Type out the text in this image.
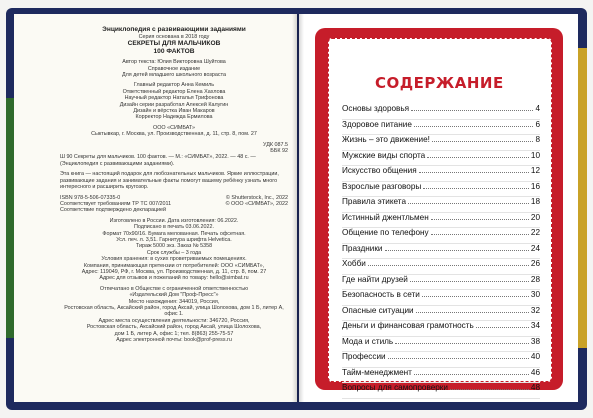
Энциклопедия с развивающими заданиями
Серия основана в 2018 году
СЕКРЕТЫ ДЛЯ МАЛЬЧИКОВ
100 ФАКТОВ
Автор текста: Юлия Викторовна Шуйтова
Справочное издание
Для детей младшего школьного возраста
Главный редактор Анна Кемиль
Ответственный редактор Елена Хахлова
Научный редактор Наталья Трифонова
Дизайн серии разработал Алексей Калугин
Дизайн и вёрстка Иван Макаров
Корректор Надежда Ермилова
ООО «СИМБАТ»
Сыктывкар, г. Москва, ул. Производственная, д. 11, стр. 8, пом. 27
УДК 087.5
ББК 92
Ш 90 Секреты для мальчиков. 100 фактов. — М.: «СИМБАТ», 2022. — 48 с. — (Энциклопедия с развивающими заданиями).
Эта книга — настоящий подарок для любознательных мальчиков. Яркие иллюстрации, развивающие задания и занимательные факты помогут вашему ребёнку узнать много интересного и расширить кругозор.
ISBN 978-5-506-07335-0	© Shutterstock, Inc., 2022
Соответствует требованиям ТР ТС 007/2011	© ООО «СИМБАТ», 2022
Соответствие подтверждено декларацией
Изготовлено в России. Дата изготовления: 06.2022.
Подписано в печать 03.06.2022.
Формат 70х90/16. Бумага мелованная. Печать офсетная.
Усл. печ. л. 3,51. Гарнитура шрифта Helvetica.
Тираж 5000 экз. Заказ № 5358
Срок службы – 3 года
Условия хранения: в сухих проветриваемых помещениях.
Компания, принимающая претензии от потребителей: ООО «СИМБАТ»,
Адрес: 119049, РФ, г. Москва, ул. Производственная, д. 11, стр. 8, пом. 27
Адрес для отзывов и пожеланий по товару: hello@simbat.ru
Отпечатано в Обществе с ограниченной ответственностью
«Издательский Дом "Проф-Пресс"»
Место нахождения: 344019, Россия,
Ростовская область, Аксайский район, город Аксай, улица Шолохова, дом 1 Б, литер А, офис 1.
Адрес места осуществления деятельности: 346720, Россия,
Ростовская область, Аксайский район, город Аксай, улица Шолохова,
дом 1 Б, литер А, офис 1; тел. 8(863) 255-75-57
Адрес электронной почты: book@prof-press.ru
СОДЕРЖАНИЕ
Основы здоровья	4
Здоровое питание	6
Жизнь – это движение!	8
Мужские виды спорта	10
Искусство общения	12
Взрослые разговоры	16
Правила этикета	18
Истинный джентльмен	20
Общение по телефону	22
Праздники	24
Хобби	26
Где найти друзей	28
Безопасность в сети	30
Опасные ситуации	32
Деньги и финансовая грамотность	34
Мода и стиль	38
Профессии	40
Тайм-менеджмент	46
Вопросы для самопроверки	48
